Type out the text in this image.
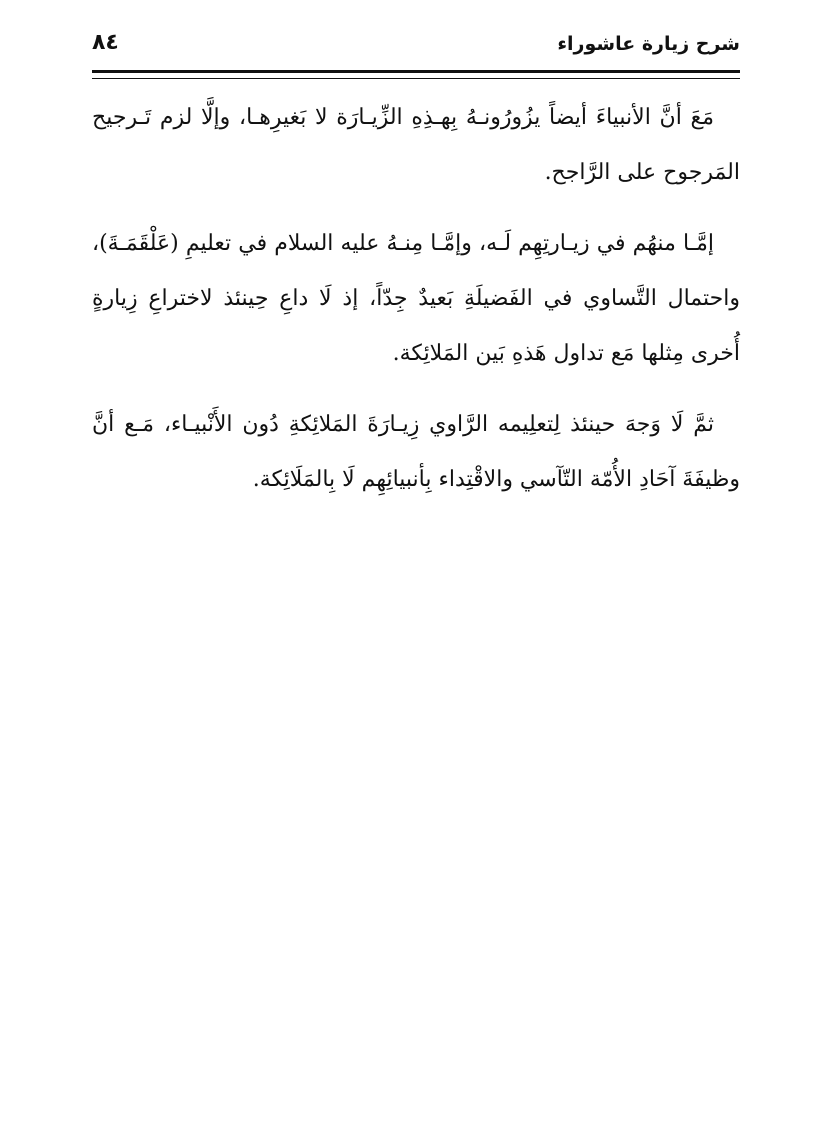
شرح زيارة عاشوراء
٨٤

مَعَ أنَّ الأنبياءَ أيضاً يزُورُونـهُ بِهـذِهِ الزِّيـارَة لا بَغيرِهـا، وإلَّا لزم تَـرجيح المَرجوح على الرَّاجح.

إمَّـا منهُم في زيـارتِهِم لَـه، وإمَّـا مِنـهُ عليه السلام في تعليمِ (عَلْقَمَـةَ)، واحتمال التَّساوي في الفَضيلَةِ بَعيدٌ جِدّاً، إذ لَا داعِ حِينئذ لاختراعِ زِيارةٍ أُخرى مِثلها مَع تداول هَذهِ بَين المَلائِكة.

ثمَّ لَا وَجهَ حينئذ لِتعلِيمه الرَّاوي زِيـارَةَ المَلائِكةِ دُون الأَنْبيـاء، مَـع أنَّ وظيفَةَ آحَادِ الأُمّة التّآسي والاقْتِداء بِأنبيائِهِم لَا بِالمَلَائِكة.
